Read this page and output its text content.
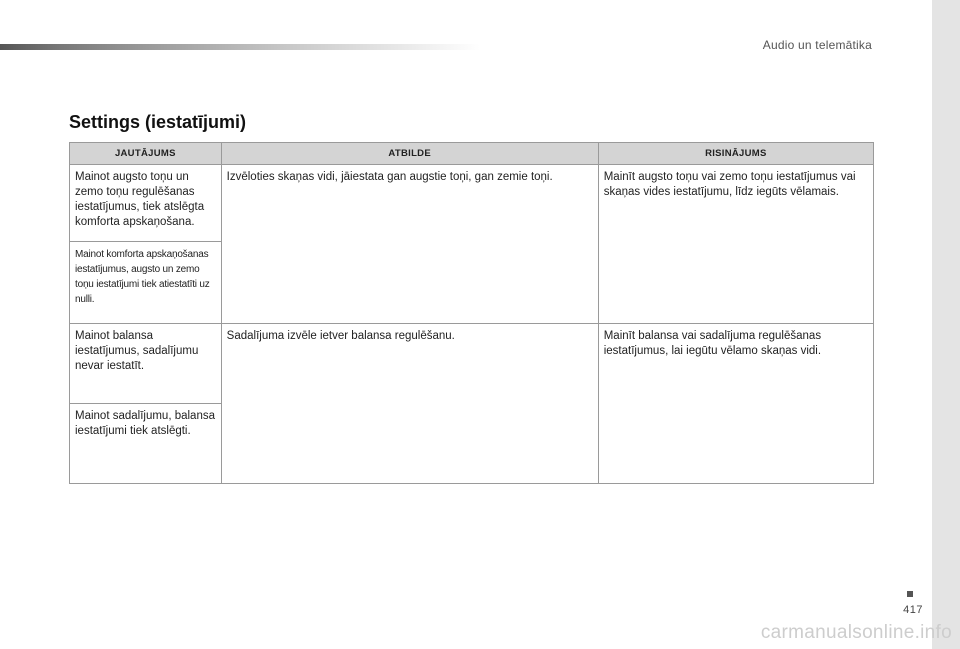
Audio un telemātika
Settings (iestatījumi)
JAUTĀJUMS	ATBILDE	RISINĀJUMS
Mainot augsto toņu un zemo toņu regulēšanas iestatījumus, tiek atslēgta komforta apskaņošana.	Izvēloties skaņas vidi, jāiestata gan augstie toņi, gan zemie toņi.	Mainīt augsto toņu vai zemo toņu iestatījumus vai skaņas vides iestatījumu, līdz iegūts vēlamais.
Mainot komforta apskaņošanas iestatījumus, augsto un zemo toņu iestatījumi tiek atiestatīti uz nulli.		
Mainot balansa iestatījumus, sadalījumu nevar iestatīt.	Sadalījuma izvēle ietver balansa regulēšanu.	Mainīt balansa vai sadalījuma regulēšanas iestatījumus, lai iegūtu vēlamo skaņas vidi.
Mainot sadalījumu, balansa iestatījumi tiek atslēgti.		
417
carmanualsonline.info
